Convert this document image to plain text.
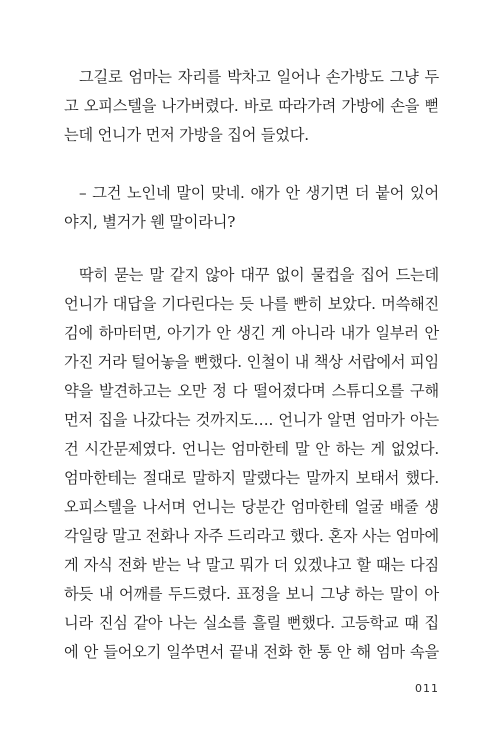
그길로 엄마는 자리를 박차고 일어나 손가방도 그냥 두
고 오피스텔을 나가버렸다. 바로 따라가려 가방에 손을 뻗
는데 언니가 먼저 가방을 집어 들었다.
– 그건 노인네 말이 맞네. 애가 안 생기면 더 붙어 있어
야지, 별거가 웬 말이라니?
딱히 묻는 말 같지 않아 대꾸 없이 물컵을 집어 드는데
언니가 대답을 기다린다는 듯 나를 빤히 보았다. 머쓱해진
김에 하마터면, 아기가 안 생긴 게 아니라 내가 일부러 안
가진 거라 털어놓을 뻔했다. 인철이 내 책상 서랍에서 피임
약을 발견하고는 오만 정 다 떨어졌다며 스튜디오를 구해
먼저 집을 나갔다는 것까지도…. 언니가 알면 엄마가 아는
건 시간문제였다. 언니는 엄마한테 말 안 하는 게 없었다.
엄마한테는 절대로 말하지 말랬다는 말까지 보태서 했다.
오피스텔을 나서며 언니는 당분간 엄마한테 얼굴 배줄 생
각일랑 말고 전화나 자주 드리라고 했다. 혼자 사는 엄마에
게 자식 전화 받는 낙 말고 뭐가 더 있겠냐고 할 때는 다짐
하듯 내 어깨를 두드렸다. 표정을 보니 그냥 하는 말이 아
니라 진심 같아 나는 실소를 흘릴 뻔했다. 고등학교 때 집
에 안 들어오기 일쑤면서 끝내 전화 한 통 안 해 엄마 속을
011
